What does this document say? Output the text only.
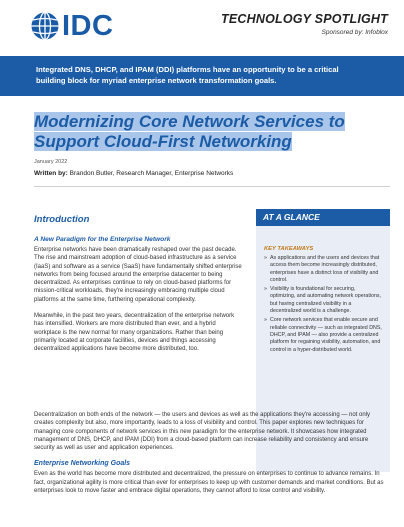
IDC	TECHNOLOGY SPOTLIGHT
Sponsored by: Infoblox
Integrated DNS, DHCP, and IPAM (DDI) platforms have an opportunity to be a critical building block for myriad enterprise network transformation goals.
Modernizing Core Network Services to
Support Cloud-First Networking
January 2022
Written by: Brandon Butler, Research Manager, Enterprise Networks
Introduction
A New Paradigm for the Enterprise Network

Enterprise networks have been dramatically reshaped over the past decade. The rise and mainstream adoption of cloud-based infrastructure as a service (IaaS) and software as a service (SaaS) have fundamentally shifted enterprise networks from being focused around the enterprise datacenter to being decentralized. As enterprises continue to rely on cloud-based platforms for mission-critical workloads, they're increasingly embracing multiple cloud platforms at the same time, furthering operational complexity.

Meanwhile, in the past two years, decentralization of the enterprise network has intensified. Workers are more distributed than ever, and a hybrid workplace is the new normal for many organizations. Rather than being primarily located at corporate facilities, devices and things accessing decentralized applications have become more distributed, too.

AT A GLANCE
KEY TAKEAWAYS
» As applications and the users and devices that access them become increasingly distributed, enterprises have a distinct loss of visibility and control.
» Visibility is foundational for securing, optimizing, and automating network operations, but having centralized visibility in a decentralized world is a challenge.
» Core network services that enable secure and reliable connectivity — such as integrated DNS, DHCP, and IPAM — also provide a centralized platform for regaining visibility, automation, and control in a hyper-distributed world.

Decentralization on both ends of the network — the users and devices as well as the applications they're accessing — not only creates complexity but also, more importantly, leads to a loss of visibility and control. This paper explores new techniques for managing core components of network services in this new paradigm for the enterprise network. It showcases how integrated management of DNS, DHCP, and IPAM (DDI) from a cloud-based platform can increase reliability and consistency and ensure security as well as user and application experiences.

Enterprise Networking Goals

Even as the world has become more distributed and decentralized, the pressure on enterprises to continue to advance remains. In fact, organizational agility is more critical than ever for enterprises to keep up with customer demands and market conditions. But as enterprises look to move faster and embrace digital operations, they cannot afford to lose control and visibility.
